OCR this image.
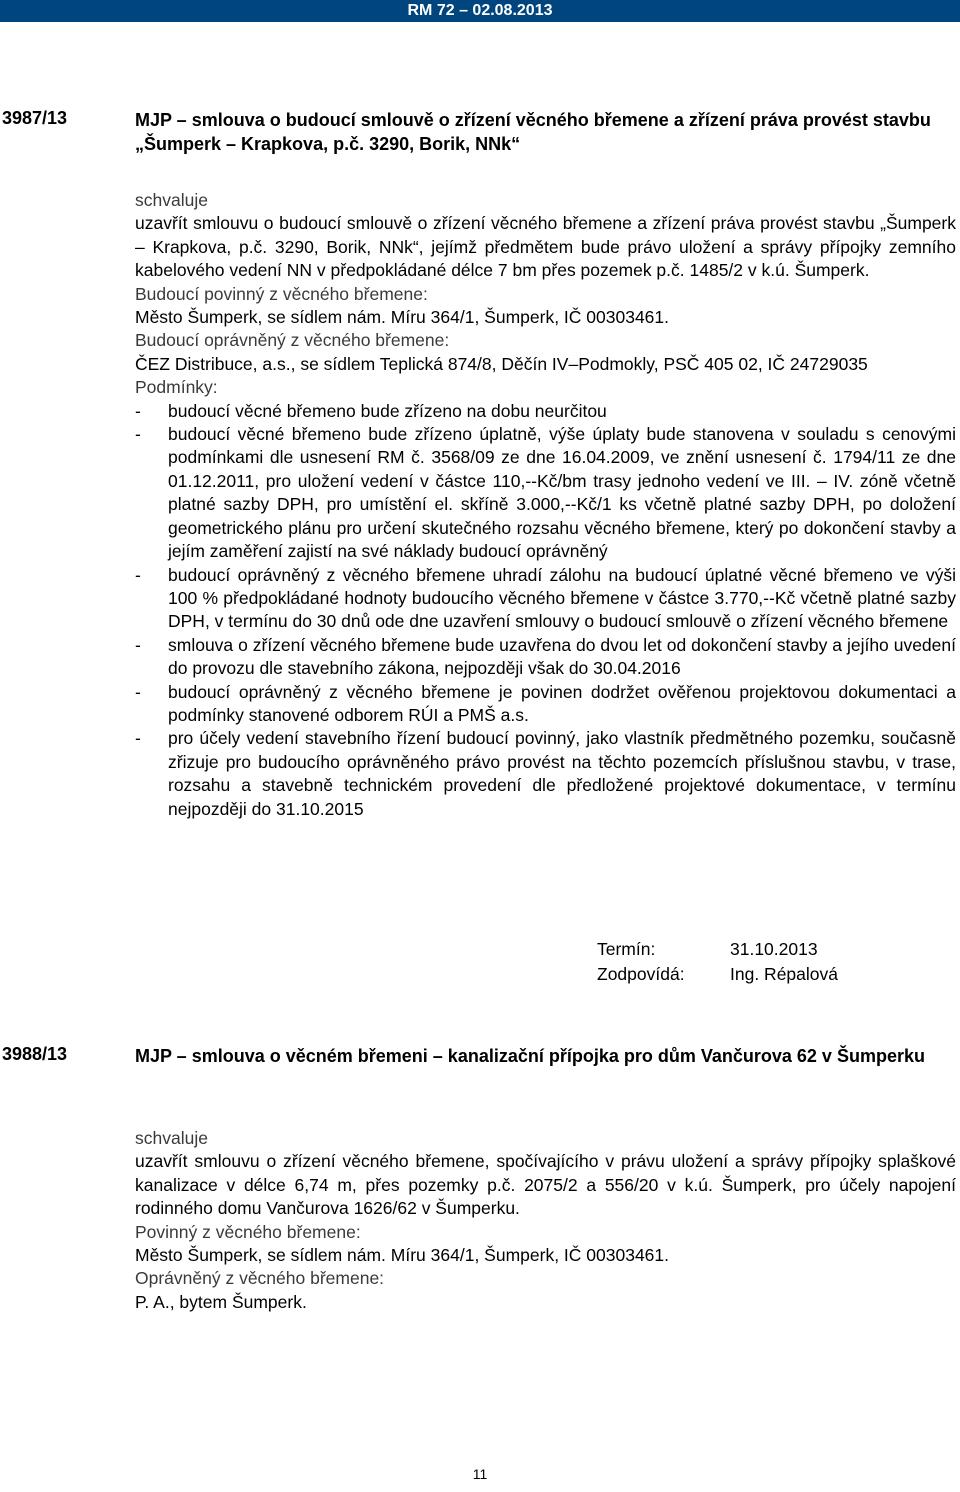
RM 72 – 02.08.2013
3987/13	MJP – smlouva o budoucí smlouvě o zřízení věcného břemene a zřízení práva provést stavbu „Šumperk – Krapkova, p.č. 3290, Borik, NNk“

schvaluje

uzavřít smlouvu o budoucí smlouvě o zřízení věcného břemene a zřízení práva provést stavbu „Šumperk – Krapkova, p.č. 3290, Borik, NNk“, jejímž předmětem bude právo uložení a správy přípojky zemního kabelového vedení NN v předpokládané délce 7 bm přes pozemek p.č. 1485/2 v k.ú. Šumperk.

Budoucí povinný z věcného břemene:

Město Šumperk, se sídlem nám. Míru 364/1, Šumperk, IČ 00303461.

Budoucí oprávněný z věcného břemene:

ČEZ Distribuce, a.s., se sídlem Teplická 874/8, Děčín IV–Podmokly, PSČ 405 02, IČ 24729035

Podmínky:

-	budoucí věcné břemeno bude zřízeno na dobu neurčitou
-	budoucí věcné břemeno bude zřízeno úplatně, výše úplaty bude stanovena v souladu s cenovými podmínkami dle usnesení RM č. 3568/09 ze dne 16.04.2009, ve znění usnesení č. 1794/11 ze dne 01.12.2011, pro uložení vedení v částce 110,--Kč/bm trasy jednoho vedení ve III. – IV. zóně včetně platné sazby DPH, pro umístění el. skříně 3.000,--Kč/1 ks včetně platné sazby DPH, po doložení geometrického plánu pro určení skutečného rozsahu věcného břemene, který po dokončení stavby a jejím zaměření zajistí na své náklady budoucí oprávněný
-	budoucí oprávněný z věcného břemene uhradí zálohu na budoucí úplatné věcné břemeno ve výši 100 % předpokládané hodnoty budoucího věcného břemene v částce 3.770,--Kč včetně platné sazby DPH, v termínu do 30 dnů ode dne uzavření smlouvy o budoucí smlouvě o zřízení věcného břemene
-	smlouva o zřízení věcného břemene bude uzavřena do dvou let od dokončení stavby a jejího uvedení do provozu dle stavebního zákona, nejpozději však do 30.04.2016
-	budoucí oprávněný z věcného břemene je povinen dodržet ověřenou projektovou dokumentaci a podmínky stanovené odborem RÚI a PMŠ a.s.
-	pro účely vedení stavebního řízení budoucí povinný, jako vlastník předmětného pozemku, současně zřizuje pro budoucího oprávněného právo provést na těchto pozemcích příslušnou stavbu, v trase, rozsahu a stavebně technickém provedení dle předložené projektové dokumentace, v termínu nejpozději do 31.10.2015
Termín:	31.10.2013
Zodpovídá:	Ing. Répalová
3988/13	MJP – smlouva o věcném břemeni – kanalizační přípojka pro dům Vančurova 62 v Šumperku

schvaluje

uzavřít smlouvu o zřízení věcného břemene, spočívajícího v právu uložení a správy přípojky splaškové kanalizace v délce 6,74 m, přes pozemky p.č. 2075/2 a 556/20 v k.ú. Šumperk, pro účely napojení rodinného domu Vančurova 1626/62 v Šumperku.

Povinný z věcného břemene:

Město Šumperk, se sídlem nám. Míru 364/1, Šumperk, IČ 00303461.

Oprávněný z věcného břemene:

P. A., bytem Šumperk.

11
